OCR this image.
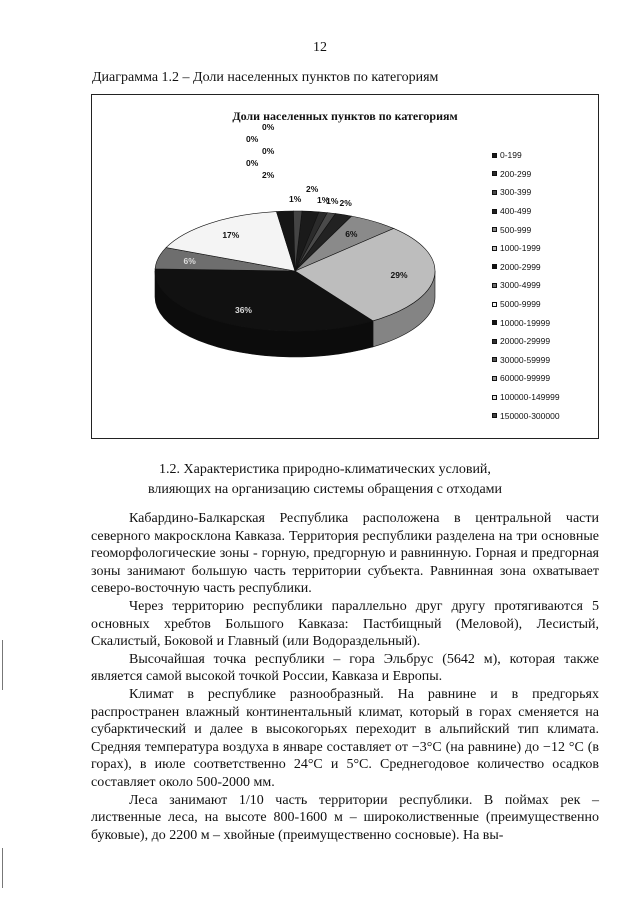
12
Диаграмма 1.2 – Доли населенных пунктов по категориям
Доли населенных пунктов по категориям
0-199
200-299
300-399
400-499
500-999
1000-1999
2000-2999
3000-4999
5000-9999
10000-19999
20000-29999
30000-59999
60000-99999
100000-149999
150000-300000
2%
1%
1% 2%
6%
29%
36%
6%
17%
2%
0%
0%
0%
0%
1%
1.2. Характеристика природно-климатических условий,
влияющих на организацию системы обращения с отходами

Кабардино-Балкарская Республика расположена в центральной части северного макросклона Кавказа. Территория республики разделена на три основные геоморфологические зоны - горную, предгорную и равнинную. Горная и предгорная зоны занимают большую часть территории субъекта. Равнинная зона охватывает северо-восточную часть республики.

Через территорию республики параллельно друг другу протягиваются 5 основных хребтов Большого Кавказа: Пастбищный (Меловой), Лесистый, Скалистый, Боковой и Главный (или Водораздельный).

Высочайшая точка республики – гора Эльбрус (5642 м), которая также является самой высокой точкой России, Кавказа и Европы.

Климат в республике разнообразный. На равнине и в предгорьях распространен влажный континентальный климат, который в горах сменяется на субарктический и далее в высокогорьях переходит в альпийский тип климата. Средняя температура воздуха в январе составляет от −3°C (на равнине) до −12 °C (в горах), в июле соответственно 24°C и 5°C. Среднегодовое количество осадков составляет около 500-2000 мм.

Леса занимают 1/10 часть территории республики. В поймах рек – лиственные леса, на высоте 800-1600 м – широколиственные (преимущественно буковые), до 2200 м – хвойные (преимущественно сосновые). На вы-
